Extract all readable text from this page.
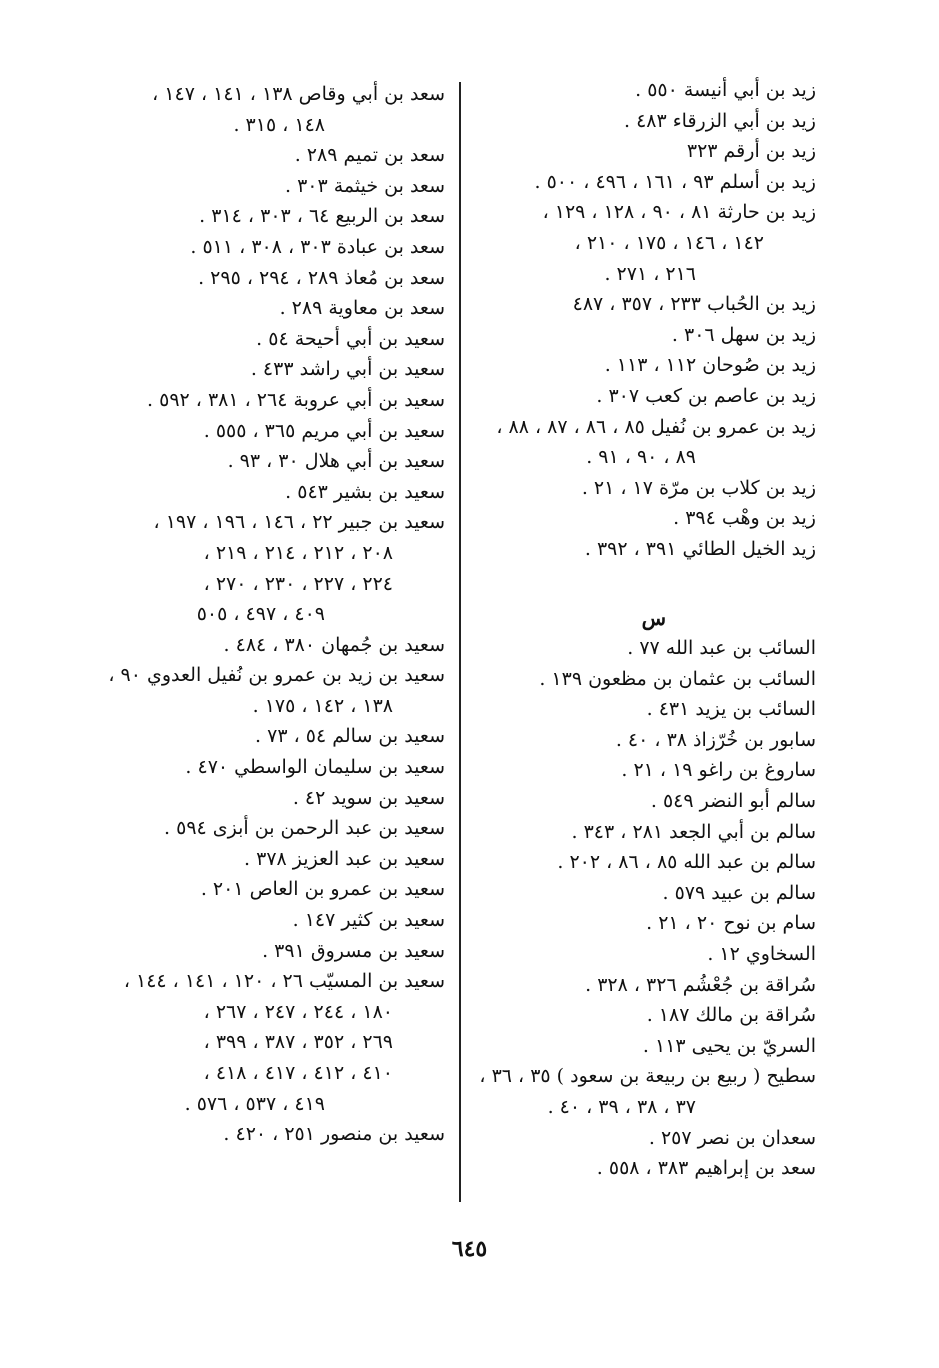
زيد بن أبي أنيسة ٥٥٠ .
زيد بن أبي الزرقاء ٤٨٣ .
زيد بن أرقم ٣٢٣
زيد بن أسلم ٩٣ ، ١٦١ ، ٤٩٦ ، ٥٠٠ .
زيد بن حارثة ٨١ ، ٩٠ ، ١٢٨ ، ١٢٩ ،
١٤٢ ، ١٤٦ ، ١٧٥ ، ٢١٠ ،
٢١٦ ، ٢٧١ .
زيد بن الحُباب ٢٣٣ ، ٣٥٧ ، ٤٨٧
زيد بن سهل ٣٠٦ .
زيد بن صُوحان ١١٢ ، ١١٣ .
زيد بن عاصم بن كعب ٣٠٧ .
زيد بن عمرو بن نُفيل ٨٥ ، ٨٦ ، ٨٧ ، ٨٨ ،
٨٩ ، ٩٠ ، ٩١ .
زيد بن كلاب بن مرّة ١٧ ، ٢١ .
زيد بن وهْب ٣٩٤ .
زيد الخيل الطائي ٣٩١ ، ٣٩٢ .
س
السائب بن عبد الله ٧٧ .
السائب بن عثمان بن مظعون ١٣٩ .
السائب بن يزيد ٤٣١ .
سابور بن خُرّزاذ ٣٨ ، ٤٠ .
ساروغ بن راغو ١٩ ، ٢١ .
سالم أبو النضر ٥٤٩ .
سالم بن أبي الجعد ٢٨١ ، ٣٤٣ .
سالم بن عبد الله ٨٥ ، ٨٦ ، ٢٠٢ .
سالم بن عبيد ٥٧٩ .
سام بن نوح ٢٠ ، ٢١ .
السخاوي ١٢ .
سُراقة بن جُعْشُم ٣٢٦ ، ٣٢٨ .
سُراقة بن مالك ١٨٧ .
السريّ بن يحيى ١١٣ .
سطيح ( ربيع بن ربيعة بن سعود ) ٣٥ ، ٣٦ ،
٣٧ ، ٣٨ ، ٣٩ ، ٤٠ .
سعدان بن نصر ٢٥٧ .
سعد بن إبراهيم ٣٨٣ ، ٥٥٨ .
سعد بن أبي وقاص ١٣٨ ، ١٤١ ، ١٤٧ ،
١٤٨ ، ٣١٥ .
سعد بن تميم ٢٨٩ .
سعد بن خيثمة ٣٠٣ .
سعد بن الربيع ٦٤ ، ٣٠٣ ، ٣١٤ .
سعد بن عبادة ٣٠٣ ، ٣٠٨ ، ٥١١ .
سعد بن مُعاذ ٢٨٩ ، ٢٩٤ ، ٢٩٥ .
سعد بن معاوية ٢٨٩ .
سعيد بن أبي أحيحة ٥٤ .
سعيد بن أبي راشد ٤٣٣ .
سعيد بن أبي عروبة ٢٦٤ ، ٣٨١ ، ٥٩٢ .
سعيد بن أبي مريم ٣٦٥ ، ٥٥٥ .
سعيد بن أبي هلال ٣٠ ، ٩٣ .
سعيد بن بشير ٥٤٣ .
سعيد بن جبير ٢٢ ، ١٤٦ ، ١٩٦ ، ١٩٧ ،
٢٠٨ ، ٢١٢ ، ٢١٤ ، ٢١٩ ،
٢٢٤ ، ٢٢٧ ، ٢٣٠ ، ٢٧٠ ،
٤٠٩ ، ٤٩٧ ، ٥٠٥
سعيد بن جُمهان ٣٨٠ ، ٤٨٤ .
سعيد بن زيد بن عمرو بن نُفيل العدوي ٩٠ ،
١٣٨ ، ١٤٢ ، ١٧٥ .
سعيد بن سالم ٥٤ ، ٧٣ .
سعيد بن سليمان الواسطي ٤٧٠ .
سعيد بن سويد ٤٢ .
سعيد بن عبد الرحمن بن أبزى ٥٩٤ .
سعيد بن عبد العزيز ٣٧٨ .
سعيد بن عمرو بن العاص ٢٠١ .
سعيد بن كثير ١٤٧ .
سعيد بن مسروق ٣٩١ .
سعيد بن المسيّب ٢٦ ، ١٢٠ ، ١٤١ ، ١٤٤ ،
١٨٠ ، ٢٤٤ ، ٢٤٧ ، ٢٦٧ ،
٢٦٩ ، ٣٥٢ ، ٣٨٧ ، ٣٩٩ ،
٤١٠ ، ٤١٢ ، ٤١٧ ، ٤١٨ ،
٤١٩ ، ٥٣٧ ، ٥٧٦ .
سعيد بن منصور ٢٥١ ، ٤٢٠ .
٦٤٥
